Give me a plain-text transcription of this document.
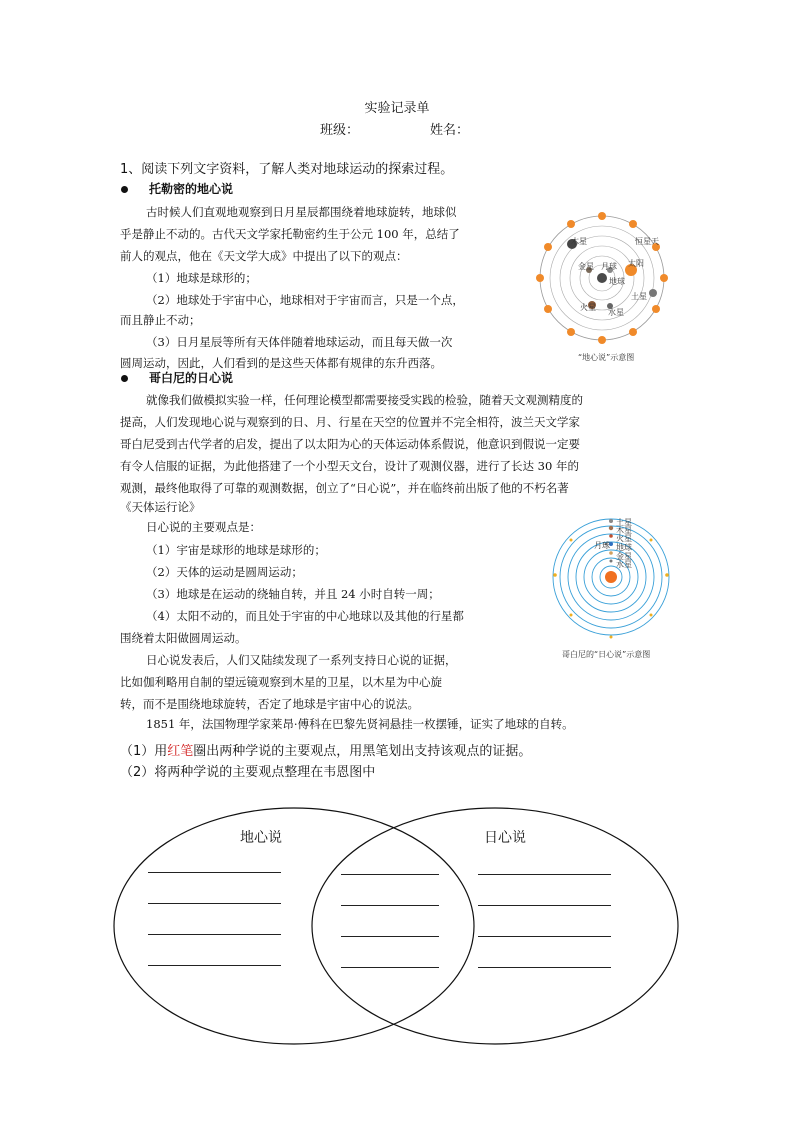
实验记录单
班级：	姓名：
1、阅读下列文字资料，了解人类对地球运动的探索过程。
托勒密的地心说
古时候人们直观地观察到日月星辰都围绕着地球旋转，地球似
乎是静止不动的。古代天文学家托勒密约生于公元 100 年，总结了
前人的观点，他在《天文学大成》中提出了以下的观点：
（1）地球是球形的；
（2）地球处于宇宙中心，地球相对于宇宙而言，只是一个点，
而且静止不动；
（3）日月星辰等所有天体伴随着地球运动，而且每天做一次
圆周运动，因此，人们看到的是这些天体都有规律的东升西落。
木星
金星 月球
地球
太阳
恒星天
火星
水星
土星
“地心说”示意图
哥白尼的日心说
就像我们做模拟实验一样，任何理论模型都需要接受实践的检验，随着天文观测精度的
提高，人们发现地心说与观察到的日、月、行星在天空的位置并不完全相符，波兰天文学家
哥白尼受到古代学者的启发，提出了以太阳为心的天体运动体系假说，他意识到假说一定要
有令人信服的证据，为此他搭建了一个小型天文台，设计了观测仪器，进行了长达 30 年的
观测，最终他取得了可靠的观测数据，创立了“日心说”，并在临终前出版了他的不朽名著
《天体运行论》
日心说的主要观点是：
（1）宇宙是球形的地球是球形的；
（2）天体的运动是圆周运动；
（3）地球是在运动的绕轴自转，并且 24 小时自转一周；
（4）太阳不动的，而且处于宇宙的中心地球以及其他的行星都
围绕着太阳做圆周运动。
日心说发表后，人们又陆续发现了一系列支持日心说的证据，
比如伽利略用自制的望远镜观察到木星的卫星，以木星为中心旋
转，而不是围绕地球旋转，否定了地球是宇宙中心的说法。
土星
木星
火星
月球 地球
金星
水星
哥白尼的“日心说”示意图
1851 年，法国物理学家莱昂·傅科在巴黎先贤祠悬挂一枚摆锤，证实了地球的自转。
（1）用红笔圈出两种学说的主要观点，用黑笔划出支持该观点的证据。
（2）将两种学说的主要观点整理在韦恩图中
地心说	日心说
